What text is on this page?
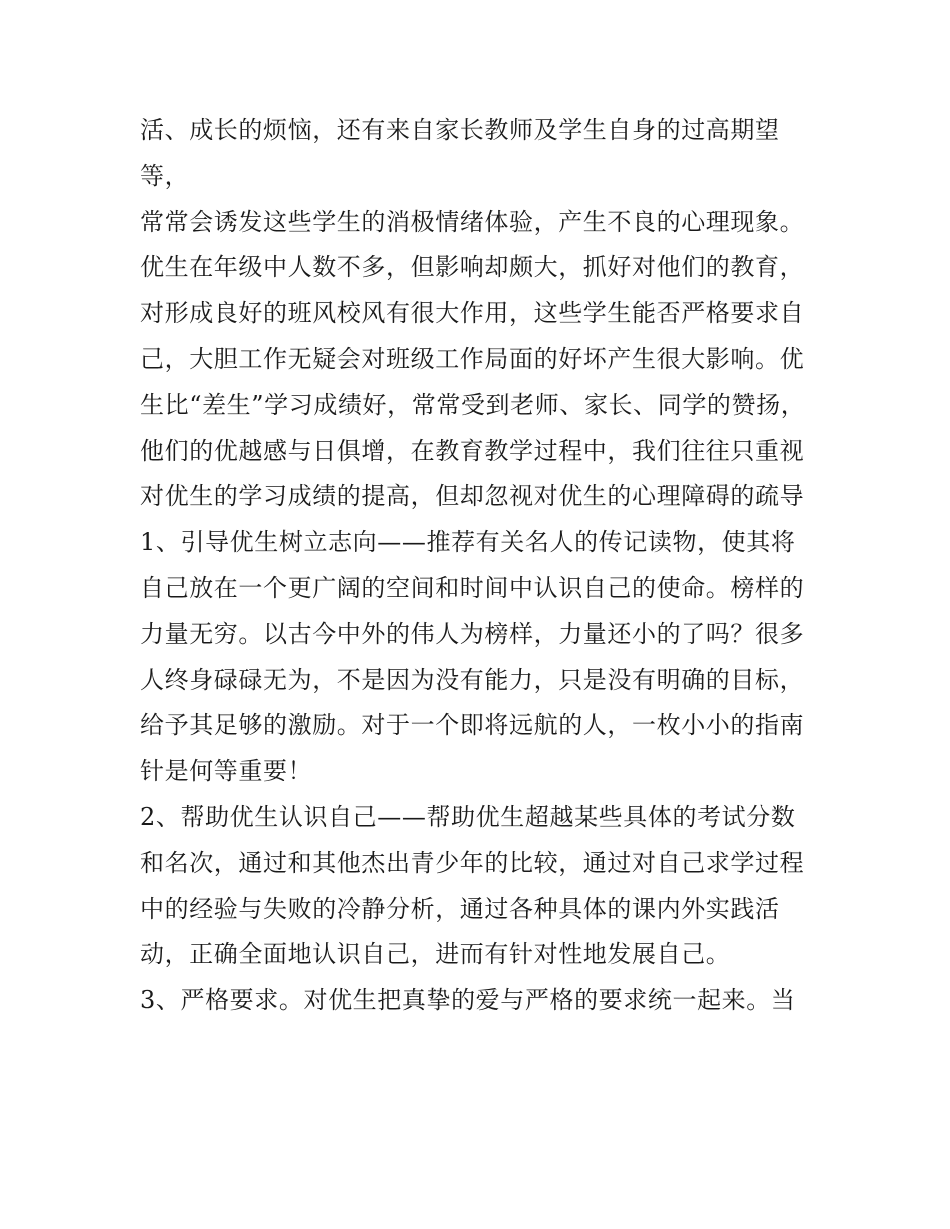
活、成长的烦恼，还有来自家长教师及学生自身的过高期望
等，
常常会诱发这些学生的消极情绪体验，产生不良的心理现象。
优生在年级中人数不多，但影响却颇大，抓好对他们的教育，
对形成良好的班风校风有很大作用，这些学生能否严格要求自
己，大胆工作无疑会对班级工作局面的好坏产生很大影响。优
生比“差生”学习成绩好，常常受到老师、家长、同学的赞扬，
他们的优越感与日俱增，在教育教学过程中，我们往往只重视
对优生的学习成绩的提高，但却忽视对优生的心理障碍的疏导
1、引导优生树立志向——推荐有关名人的传记读物，使其将
自己放在一个更广阔的空间和时间中认识自己的使命。榜样的
力量无穷。以古今中外的伟人为榜样，力量还小的了吗？很多
人终身碌碌无为，不是因为没有能力，只是没有明确的目标，
给予其足够的激励。对于一个即将远航的人，一枚小小的指南
针是何等重要！
2、帮助优生认识自己——帮助优生超越某些具体的考试分数
和名次，通过和其他杰出青少年的比较，通过对自己求学过程
中的经验与失败的冷静分析，通过各种具体的课内外实践活
动，正确全面地认识自己，进而有针对性地发展自己。
3、严格要求。对优生把真挚的爱与严格的要求统一起来。当
